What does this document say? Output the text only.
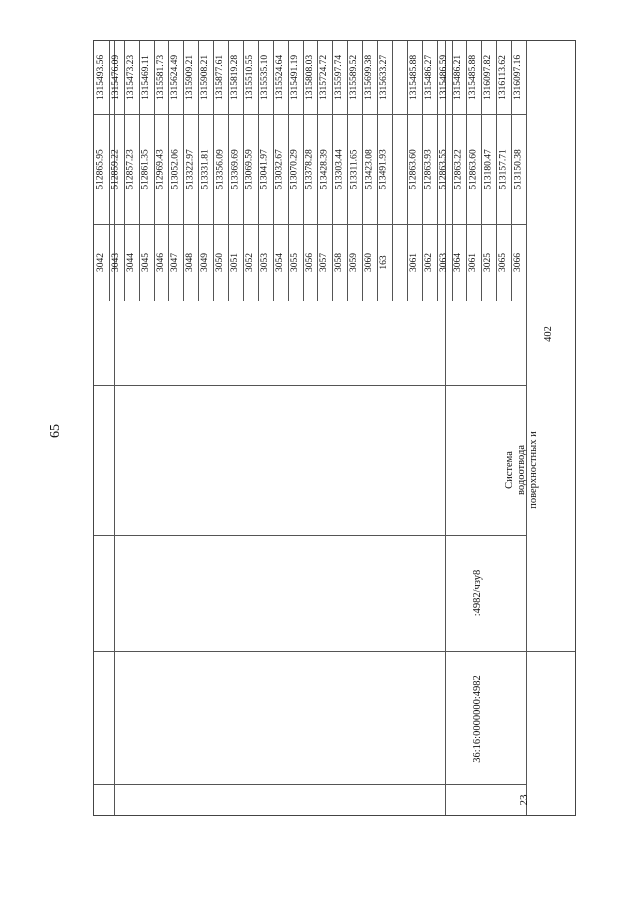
65
23
36:16:0000000:4982
:4982/чзу8
Система водоотвода поверхностных и
402
1315493.56
512865.95
3042
1315476.09
512859.22
3043
1315473.23
512857.23
3044
1315469.11
512861.35
3045
1315581.73
512969.43
3046
1315624.49
513052.06
3047
1315909.21
513322.97
3048
1315908.21
513331.81
3049
1315877.61
513356.09
3050
1315819.28
513369.69
3051
1315510.55
513069.59
3052
1315535.10
513041.97
3053
1315524.64
513032.67
3054
1315491.19
513070.29
3055
1315808.03
513378.28
3056
1315724.72
513428.39
3057
1315597.74
513303.44
3058
1315589.52
513311.65
3059
1315699.38
513423.08
3060
1315633.27
513491.93
163
1315485.88
512863.60
3061
1315486.27
512863.93
3062
1315486.59
512863.55
3063
1315486.21
512863.22
3064
1315485.88
512863.60
3061
1316097.82
513180.47
3025
1316113.62
513157.71
3065
1316097.16
513150.38
3066
